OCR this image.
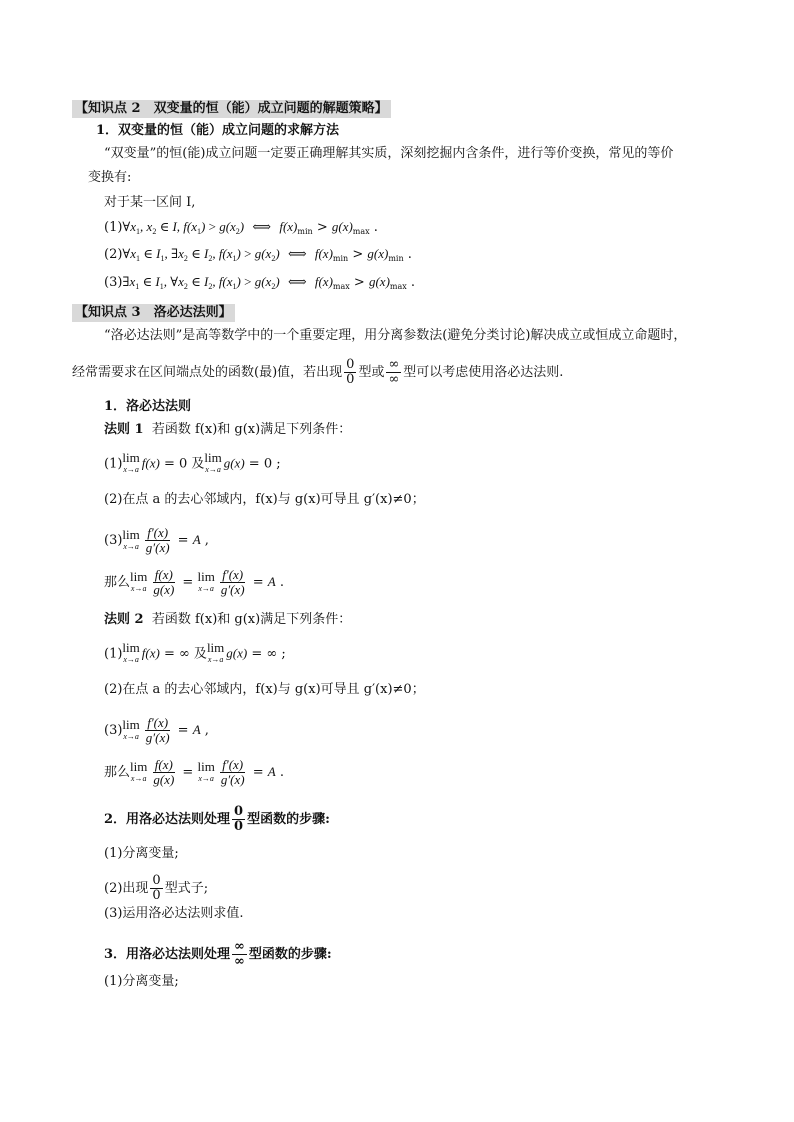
【知识点 2　双变量的恒（能）成立问题的解题策略】
1．双变量的恒（能）成立问题的求解方法
“双变量”的恒(能)成立问题一定要正确理解其实质，深刻挖掘内含条件，进行等价变换，常见的等价
变换有:
对于某一区间 I,
$(1)\forall x_1$, $x_2$ ∈ I, $f(x_1) > g(x_2)$  ⟺  $f(x)_{min} > g(x)_{max}$ .
$(2)\forall x_1$ ∈ $I_1$, $\exists x_2$ ∈ $I_2$, $f(x_1) > g(x_2)$  ⟺  $f(x)_{min} > g(x)_{min}$ .
$(3)\exists x_1$ ∈ $I_1$, $\forall x_2$ ∈ $I_2$, $f(x_1) > g(x_2)$  ⟺  $f(x)_{max} > g(x)_{max}$ .
【知识点 3　洛必达法则】
“洛必达法则”是高等数学中的一个重要定理，用分离参数法(避免分类讨论)解决成立或恒成立命题时，
经常需要求在区间端点处的函数(最)值，若出现 $\frac{0}{0}$ 型或 $\frac{\infty}{\infty}$ 型可以考虑使用洛必达法则.
1．洛必达法则
法则 1 若函数 f(x)和 g(x)满足下列条件：
(1) lim
x→a f(x) = 0 及 lim
x→a g(x) = 0 ;
(2)在点 a 的去心邻域内，f(x)与 g(x)可导且 g′(x)≠0；
(3) lim
$x\to a \frac{f'(x)}{g'(x)} = A$ ,
那么 lim
$x\to a \frac{f(x)}{g(x)} = \lim$
$x\to a \frac{f'(x)}{g'(x)} = A$ .
法则 2 若函数 f(x)和 g(x)满足下列条件：
(1) lim
x→a f(x) = ∞ 及 lim
x→a g(x) = ∞ ;
(2)在点 a 的去心邻域内，f(x)与 g(x)可导且 g′(x)≠0；
(3) lim
$x\to a \frac{f'(x)}{g'(x)} = A$ ,
那么 lim
$x\to a \frac{f(x)}{g(x)} = \lim$
$x\to a \frac{f'(x)}{g'(x)} = A$ .
2．用洛必达法则处理 $\frac{0}{0}$ 型函数的步骤:
(1)分离变量;
(2)出现 $\frac{0}{0}$ 型式子;
(3)运用洛必达法则求值.
3．用洛必达法则处理 $\frac{\infty}{\infty}$ 型函数的步骤:
(1)分离变量;
